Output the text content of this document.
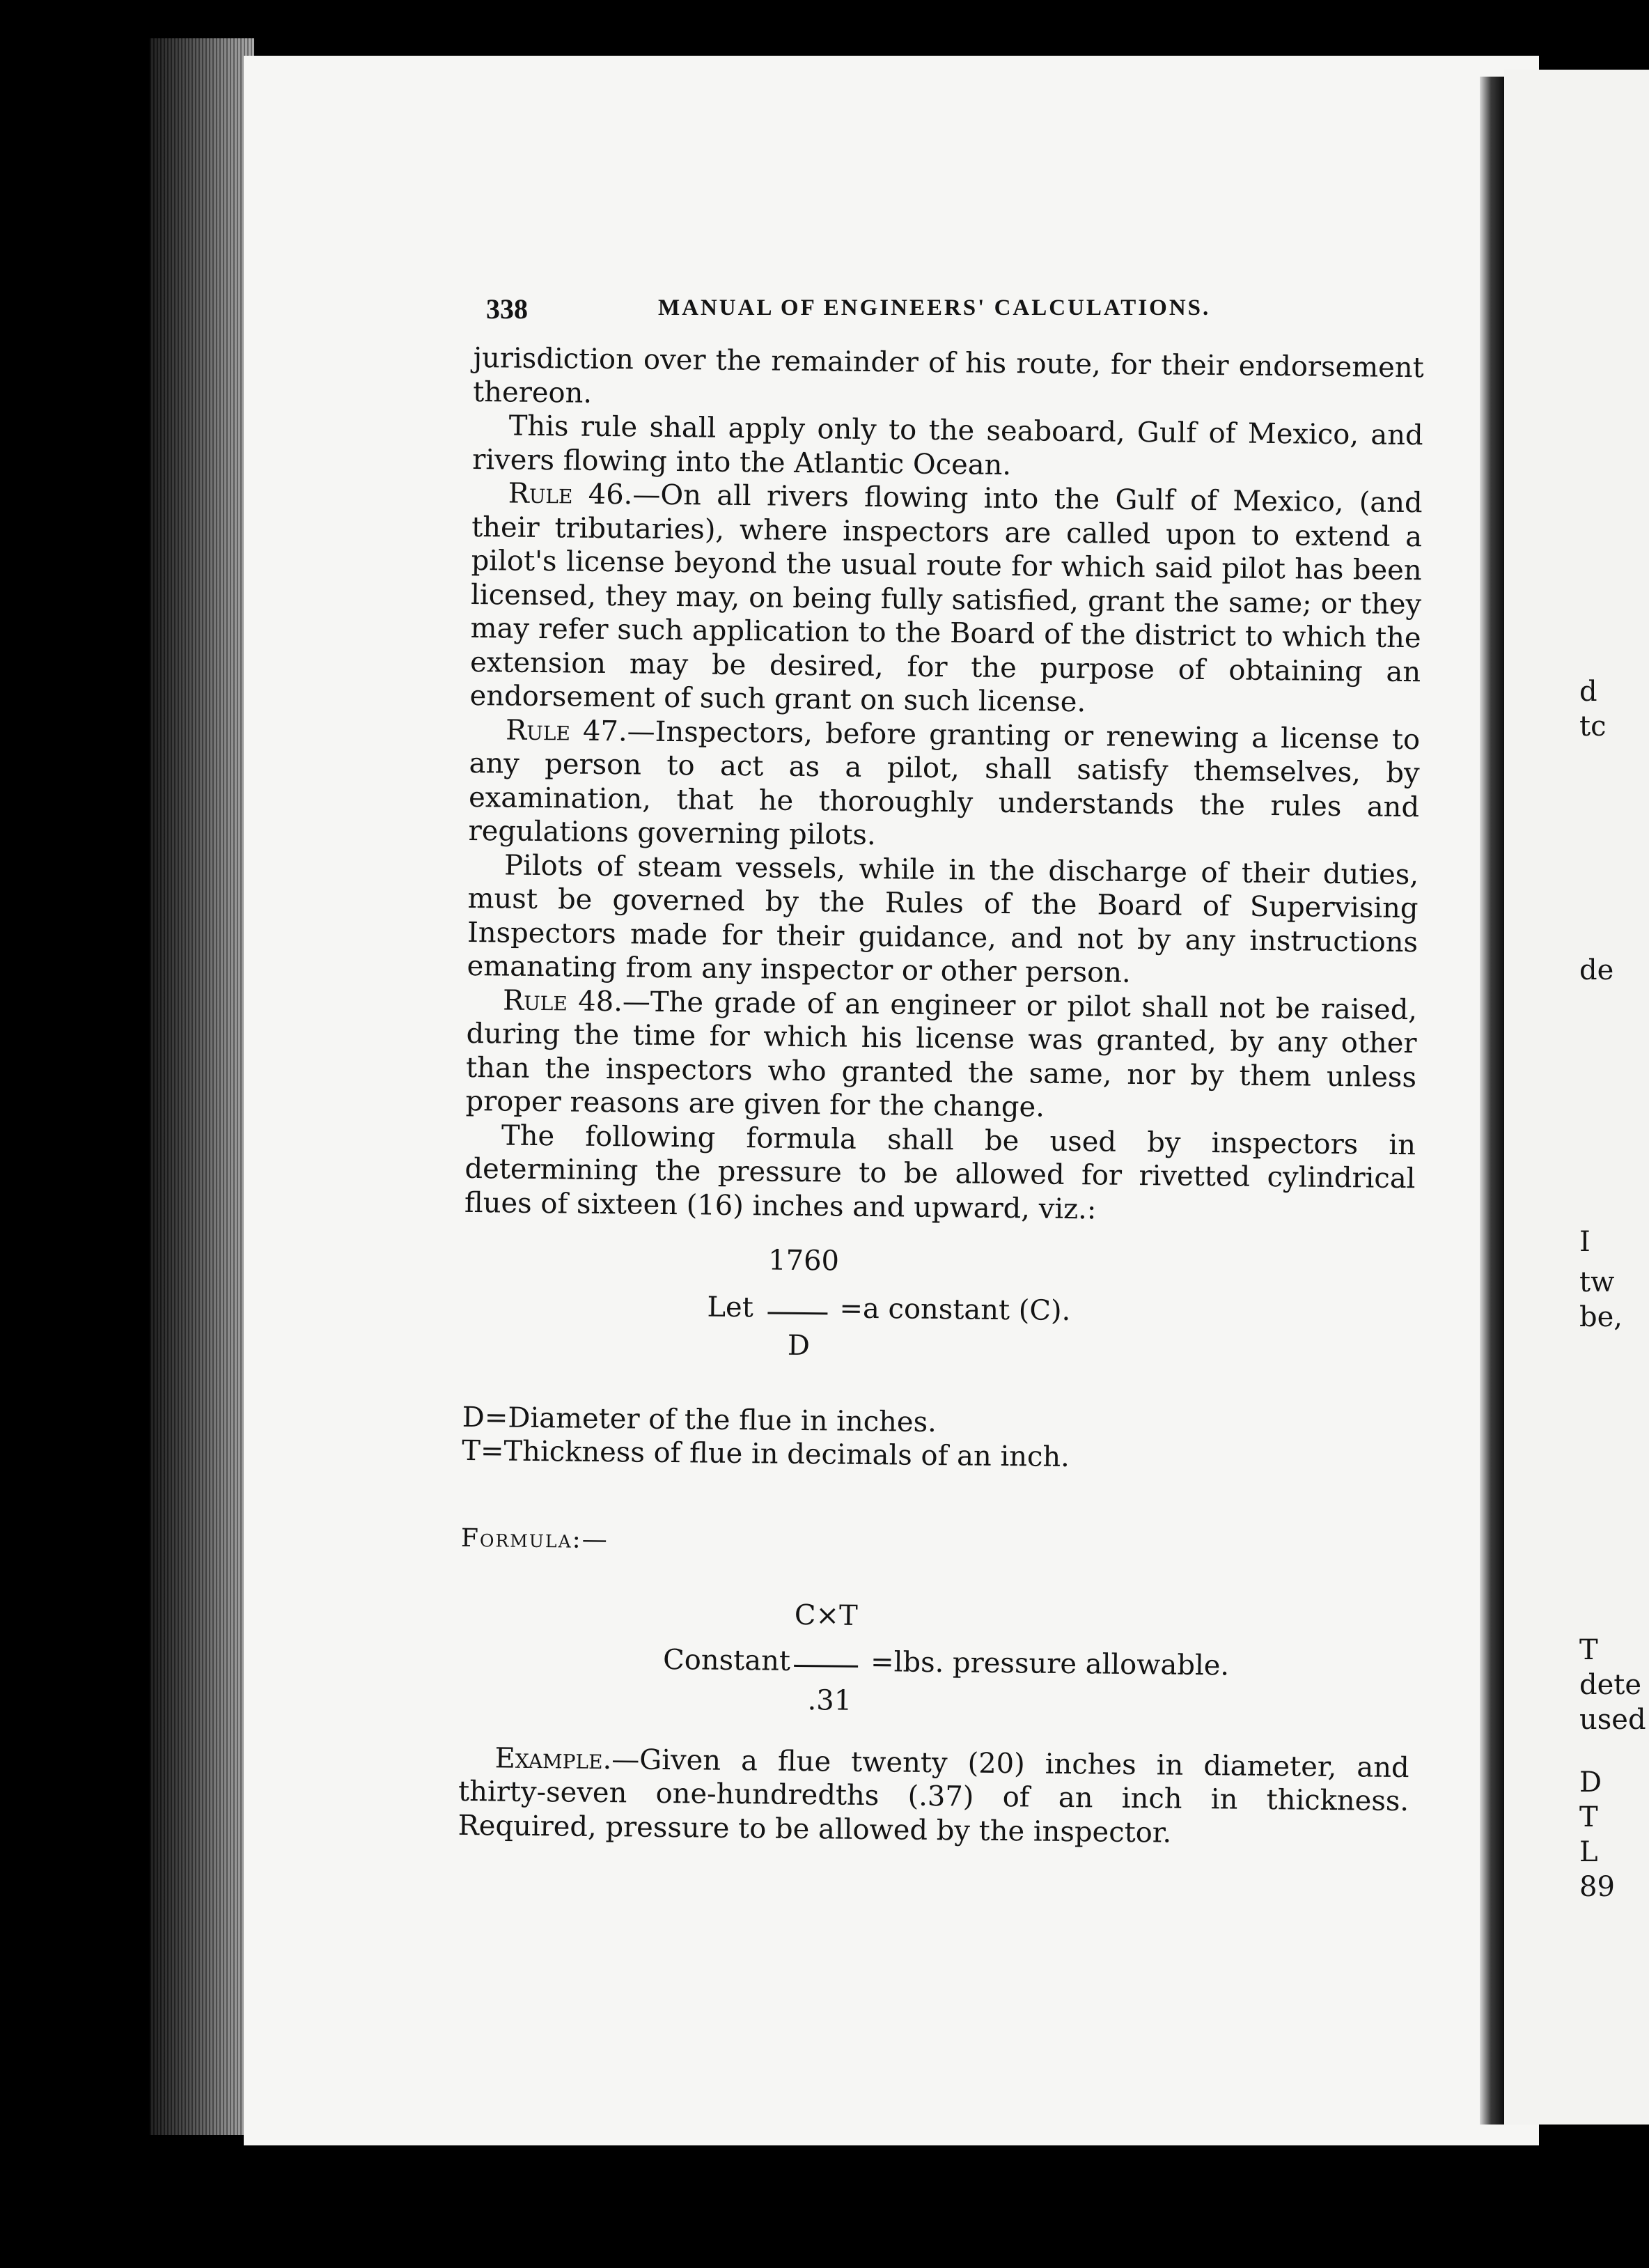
d
tc
de
I
tw
be,
T
dete
used
D
T
L
89
338	MANUAL OF ENGINEERS' CALCULATIONS.

jurisdiction over the remainder of his route, for their endorsement thereon.

This rule shall apply only to the seaboard, Gulf of Mexico, and rivers flowing into the Atlantic Ocean.

Rule 46.—On all rivers flowing into the Gulf of Mexico, (and their tributaries), where inspectors are called upon to extend a pilot's license beyond the usual route for which said pilot has been licensed, they may, on being fully satisfied, grant the same; or they may refer such application to the Board of the district to which the extension may be desired, for the purpose of obtaining an endorsement of such grant on such license.

Rule 47.—Inspectors, before granting or renewing a license to any person to act as a pilot, shall satisfy themselves, by examination, that he thoroughly understands the rules and regulations governing pilots.

Pilots of steam vessels, while in the discharge of their duties, must be governed by the Rules of the Board of Supervising Inspectors made for their guidance, and not by any instructions emanating from any inspector or other person.

Rule 48.—The grade of an engineer or pilot shall not be raised, during the time for which his license was granted, by any other than the inspectors who granted the same, nor by them unless proper reasons are given for the change.

The following formula shall be used by inspectors in determining the pressure to be allowed for rivetted cylindrical flues of sixteen (16) inches and upward, viz.:

Let
1760
D
=a constant (C).

D=Diameter of the flue in inches.

T=Thickness of flue in decimals of an inch.

Formula:—
Constant
C×T
.31
=lbs. pressure allowable.

Example.—Given a flue twenty (20) inches in diameter, and thirty-seven one-hundredths (.37) of an inch in thickness. Required, pressure to be allowed by the inspector.
